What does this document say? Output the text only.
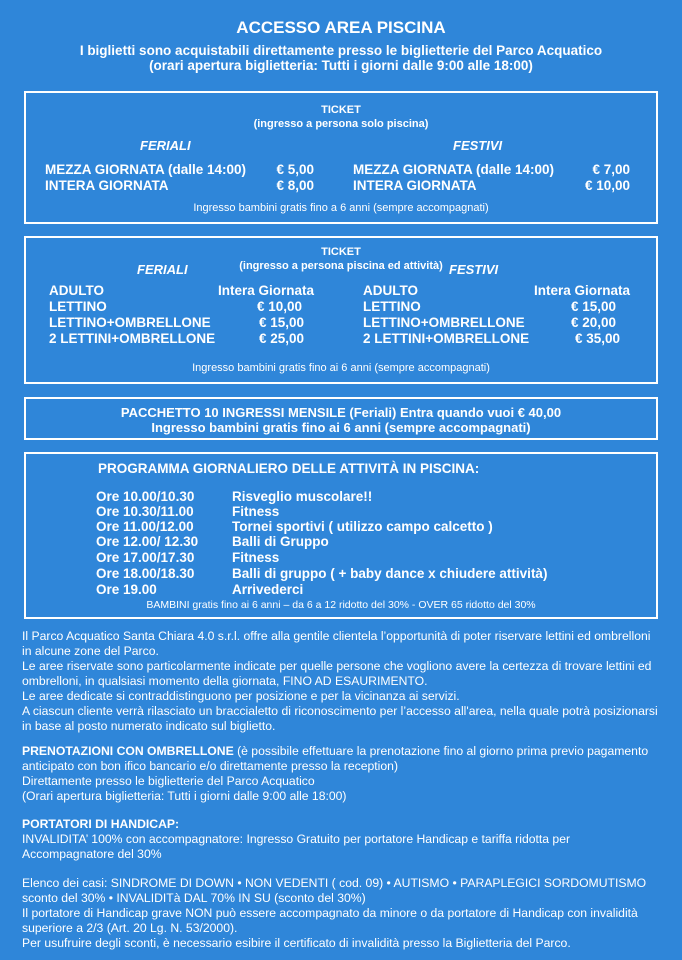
ACCESSO AREA PISCINA
I biglietti sono acquistabili direttamente presso le biglietterie del Parco Acquatico
(orari apertura biglietteria: Tutti i giorni dalle 9:00 alle 18:00)
TICKET
(ingresso a persona solo piscina)
FERIALI	FESTIVI
MEZZA GIORNATA (dalle 14:00)	€ 5,00
INTERA GIORNATA	€ 8,00
MEZZA GIORNATA (dalle 14:00)	€ 7,00
INTERA GIORNATA	€ 10,00
Ingresso bambini gratis fino a 6 anni (sempre accompagnati)
TICKET
(ingresso a persona piscina ed attività)
FERIALI	FESTIVI
ADULTO	Intera Giornata
LETTINO	€ 10,00
LETTINO+OMBRELLONE	€ 15,00
2 LETTINI+OMBRELLONE	€ 25,00
ADULTO	Intera Giornata
LETTINO	€ 15,00
LETTINO+OMBRELLONE	€ 20,00
2 LETTINI+OMBRELLONE	€ 35,00
Ingresso bambini gratis fino ai 6 anni (sempre accompagnati)
PACCHETTO 10 INGRESSI MENSILE (Feriali) Entra quando vuoi € 40,00
Ingresso bambini gratis fino ai 6 anni (sempre accompagnati)
PROGRAMMA GIORNALIERO DELLE ATTIVITÀ IN PISCINA:
Ore 10.00/10.30	Risveglio muscolare!!
Ore 10.30/11.00	Fitness
Ore 11.00/12.00	Tornei sportivi ( utilizzo campo calcetto )
Ore 12.00/ 12.30	Balli di Gruppo
Ore 17.00/17.30	Fitness
Ore 18.00/18.30	Balli di gruppo ( + baby dance x chiudere attività)
Ore 19.00	Arrivederci
BAMBINI gratis fino ai 6 anni – da 6 a 12 ridotto del 30% - OVER 65 ridotto del 30%

Il Parco Acquatico Santa Chiara 4.0 s.r.l. offre alla gentile clientela l’opportunità di poter riservare lettini ed ombrelloni in alcune zone del Parco.

Le aree riservate sono particolarmente indicate per quelle persone che vogliono avere la certezza di trovare lettini ed ombrelloni, in qualsiasi momento della giornata, FINO AD ESAURIMENTO.

Le aree dedicate si contraddistinguono per posizione e per la vicinanza ai servizi.

A ciascun cliente verrà rilasciato un braccialetto di riconoscimento per l’accesso all'area, nella quale potrà posizionarsi in base al posto numerato indicato sul biglietto.

PRENOTAZIONI CON OMBRELLONE (è possibile effettuare la prenotazione fino al giorno prima previo pagamento anticipato con bon ifico bancario e/o direttamente presso la reception)

Direttamente presso le biglietterie del Parco Acquatico

(Orari apertura biglietteria: Tutti i giorni dalle 9:00 alle 18:00)

PORTATORI DI HANDICAP:

INVALIDITA’ 100% con accompagnatore: Ingresso Gratuito per portatore Handicap e tariffa ridotta per Accompagnatore del 30%

Elenco dei casi: SINDROME DI DOWN • NON VEDENTI ( cod. 09) • AUTISMO • PARAPLEGICI SORDOMUTISMO sconto del 30% • INVALIDITà DAL 70% IN SU (sconto del 30%)

Il portatore di Handicap grave NON può essere accompagnato da minore o da portatore di Handicap con invalidità superiore a 2/3 (Art. 20 Lg. N. 53/2000).

Per usufruire degli sconti, è necessario esibire il certificato di invalidità presso la Biglietteria del Parco.
